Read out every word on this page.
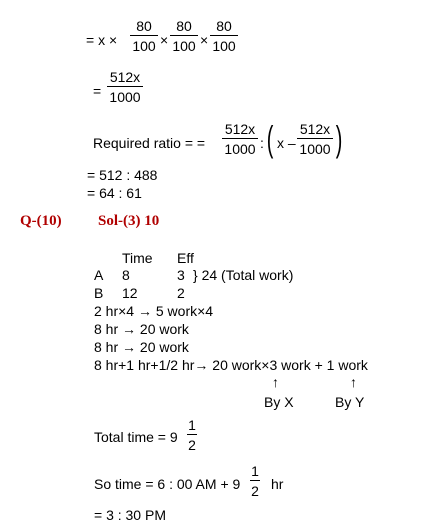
= $x \times \frac{80}{100} \times \frac{80}{100} \times \frac{80}{100}$
= $\frac{512x}{1000}$
Required ratio = = $\frac{512x}{1000}$ : ( x – $\frac{512x}{1000}$ )
= 512 : 488
= 64 : 61
Q-(10) Sol-(3) 10
Time Eff
A 8	3 } 24 (Total work)
B 12	2
2 hr×4 → 5 work×4
8 hr → 20 work
8 hr → 20 work
8 hr+1 hr+1/2 hr→ 20 work×3 work + 1 work
↑	↑
By X	By Y
Total time = $9 \frac{1}{2}$
So time = 6 : 00 AM + $9 \frac{1}{2}$ hr
= 3 : 30 PM
